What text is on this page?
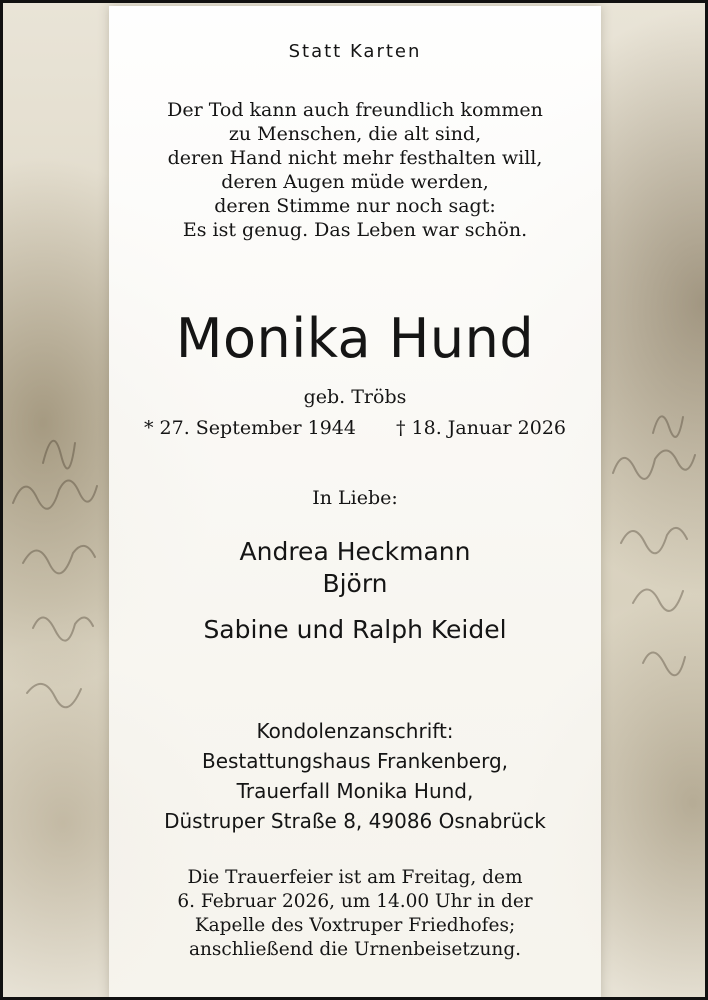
‍
Statt Karten
Der Tod kann auch freundlich kommen
zu Menschen, die alt sind,
deren Hand nicht mehr festhalten will,
deren Augen müde werden,
deren Stimme nur noch sagt:
Es ist genug. Das Leben war schön.
Monika Hund
geb. Tröbs
* 27. September 1944 † 18. Januar 2026
In Liebe:
Andrea Heckmann
Björn
Sabine und Ralph Keidel
Kondolenzanschrift:
Bestattungshaus Frankenberg,
Trauerfall Monika Hund,
Düstruper Straße 8, 49086 Osnabrück
Die Trauerfeier ist am Freitag, dem
6. Februar 2026, um 14.00 Uhr in der
Kapelle des Voxtruper Friedhofes;
anschließend die Urnenbeisetzung.
